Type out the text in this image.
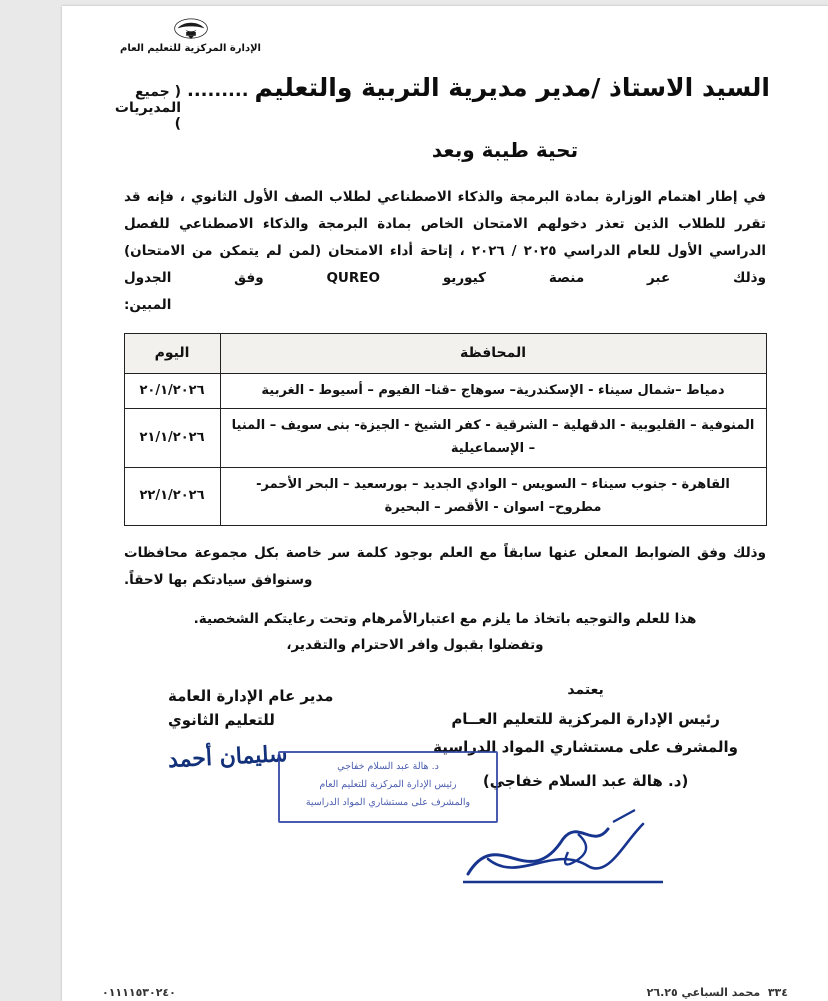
الإدارة المركزية للتعليم العام
السيد الاستاذ /مدير مديرية التربية والتعليم
.........
( جميع المديريات )
تحية طيبة وبعد
في إطار اهتمام الوزارة بمادة البرمجة والذكاء الاصطناعي لطلاب الصف الأول الثانوي ، فإنه قد تقرر للطلاب الذين تعذر دخولهم الامتحان الخاص بمادة البرمجة والذكاء الاصطناعي للفصل الدراسي الأول للعام الدراسي ٢٠٢٥ / ٢٠٢٦ ، إتاحة أداء الامتحان (لمن لم يتمكن من الامتحان) وذلك عبر منصة كيوريو QUREO وفق الجدول
المبين:
المحافظة	اليوم
دمياط –شمال سيناء - الإسكندرية– سوهاج –قنا– الفيوم – أسيوط - الغربية	٢٠/١/٢٠٢٦
المنوفية – القليوبية - الدقهلية – الشرقية - كفر الشيخ - الجيزة- بنى سويف – المنيا – الإسماعيلية	٢١/١/٢٠٢٦
القاهرة - جنوب سيناء – السويس – الوادي الجديد – بورسعيد – البحر الأحمر- مطروح– اسوان - الأقصر – البحيرة	٢٢/١/٢٠٢٦
وذلك وفق الضوابط المعلن عنها سابقاً مع العلم بوجود كلمة سر خاصة بكل مجموعة محافظات
وسنوافق سيادتكم بها لاحقاً.
هذا للعلم والتوجيه باتخاذ ما يلزم مع اعتبارالأمرهام وتحت رعايتكم الشخصية.
وتفضلوا بقبول وافر الاحترام والتقدير،
مدير عام الإدارة العامة
للتعليم الثانوي
سليمان أحمد
يعتمد
رئيس الإدارة المركزية للتعليم العــام
والمشرف على مستشاري المواد الدراسية
(د. هالة عبد السلام خفاجي)
د. هالة عبد السلام خفاجي
رئيس الإدارة المركزية للتعليم العام
والمشرف على مستشاري المواد الدراسية
٣٣٤  محمد السباعي ٢٦.٢٥
٠١١١١٥٣٠٢٤٠
